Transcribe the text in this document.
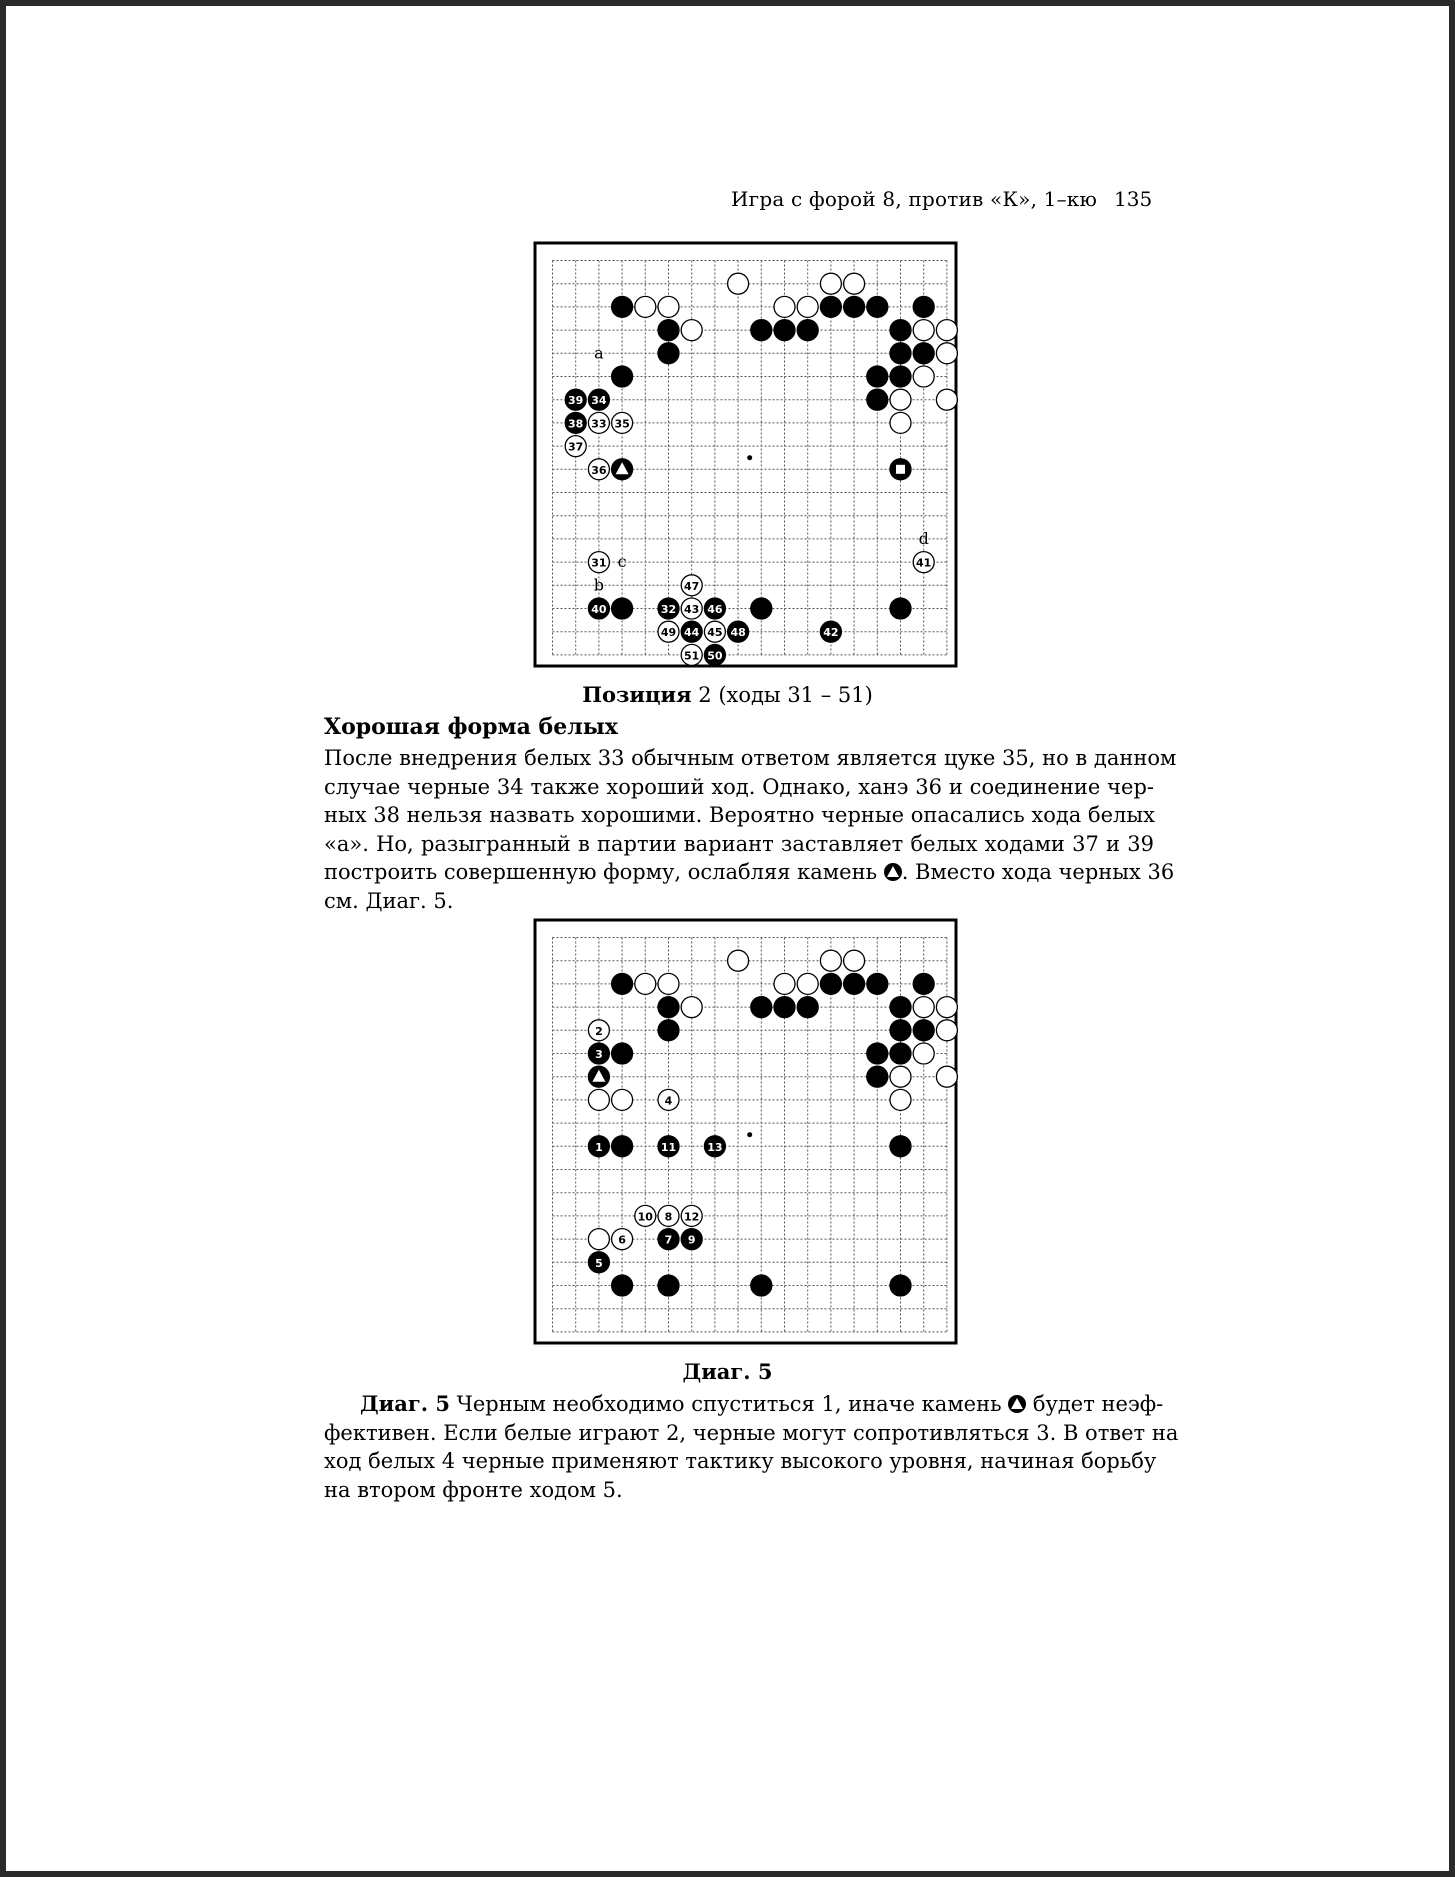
Игра с форой 8, против «К», 1–кю 135
a
b
c
d
39 34
38 33 35
37
36
31	41
47
40	32 43 46
49 44 45 48	42
51 50
Позиция 2 (ходы 31 – 51)
Хорошая форма белых
После внедрения белых 33 обычным ответом является цуке 35, но в данном
случае черные 34 также хороший ход. Однако, ханэ 36 и соединение чер-
ных 38 нельзя назвать хорошими. Вероятно черные опасались хода белых
«a». Но, разыгранный в партии вариант заставляет белых ходами 37 и 39
построить совершенную форму, ослабляя камень . Вместо хода черных 36
см. Диаг. 5.
2
3
4
1	11	13
10 8 12
6	7 9
5
Диаг. 5
Диаг. 5 Черным необходимо спуститься 1, иначе камень  будет неэф-
фективен. Если белые играют 2, черные могут сопротивляться 3. В ответ на
ход белых 4 черные применяют тактику высокого уровня, начиная борьбу
на втором фронте ходом 5.
